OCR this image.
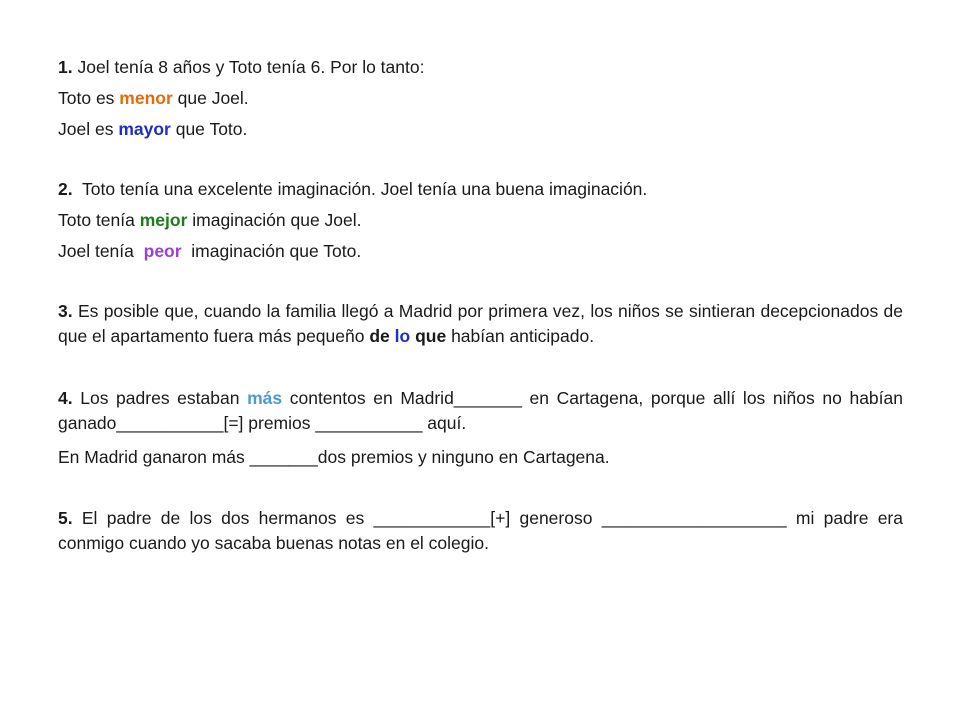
1. Joel tenía 8 años y Toto tenía 6. Por lo tanto:
Toto es menor que Joel.
Joel es mayor que Toto.
2.  Toto tenía una excelente imaginación. Joel tenía una buena imaginación.
Toto tenía mejor imaginación que Joel.
Joel tenía  peor  imaginación que Toto.
3. Es posible que, cuando la familia llegó a Madrid por primera vez, los niños se sintieran decepcionados de que el apartamento fuera más pequeño de lo que habían anticipado.
4. Los padres estaban más contentos en Madrid_______ en Cartagena, porque allí los niños no habían ganado___________[=] premios ___________ aquí.
En Madrid ganaron más _______dos premios y ninguno en Cartagena.
5. El padre de los dos hermanos es ____________[+] generoso ___________________ mi padre era conmigo cuando yo sacaba buenas notas en el colegio.
